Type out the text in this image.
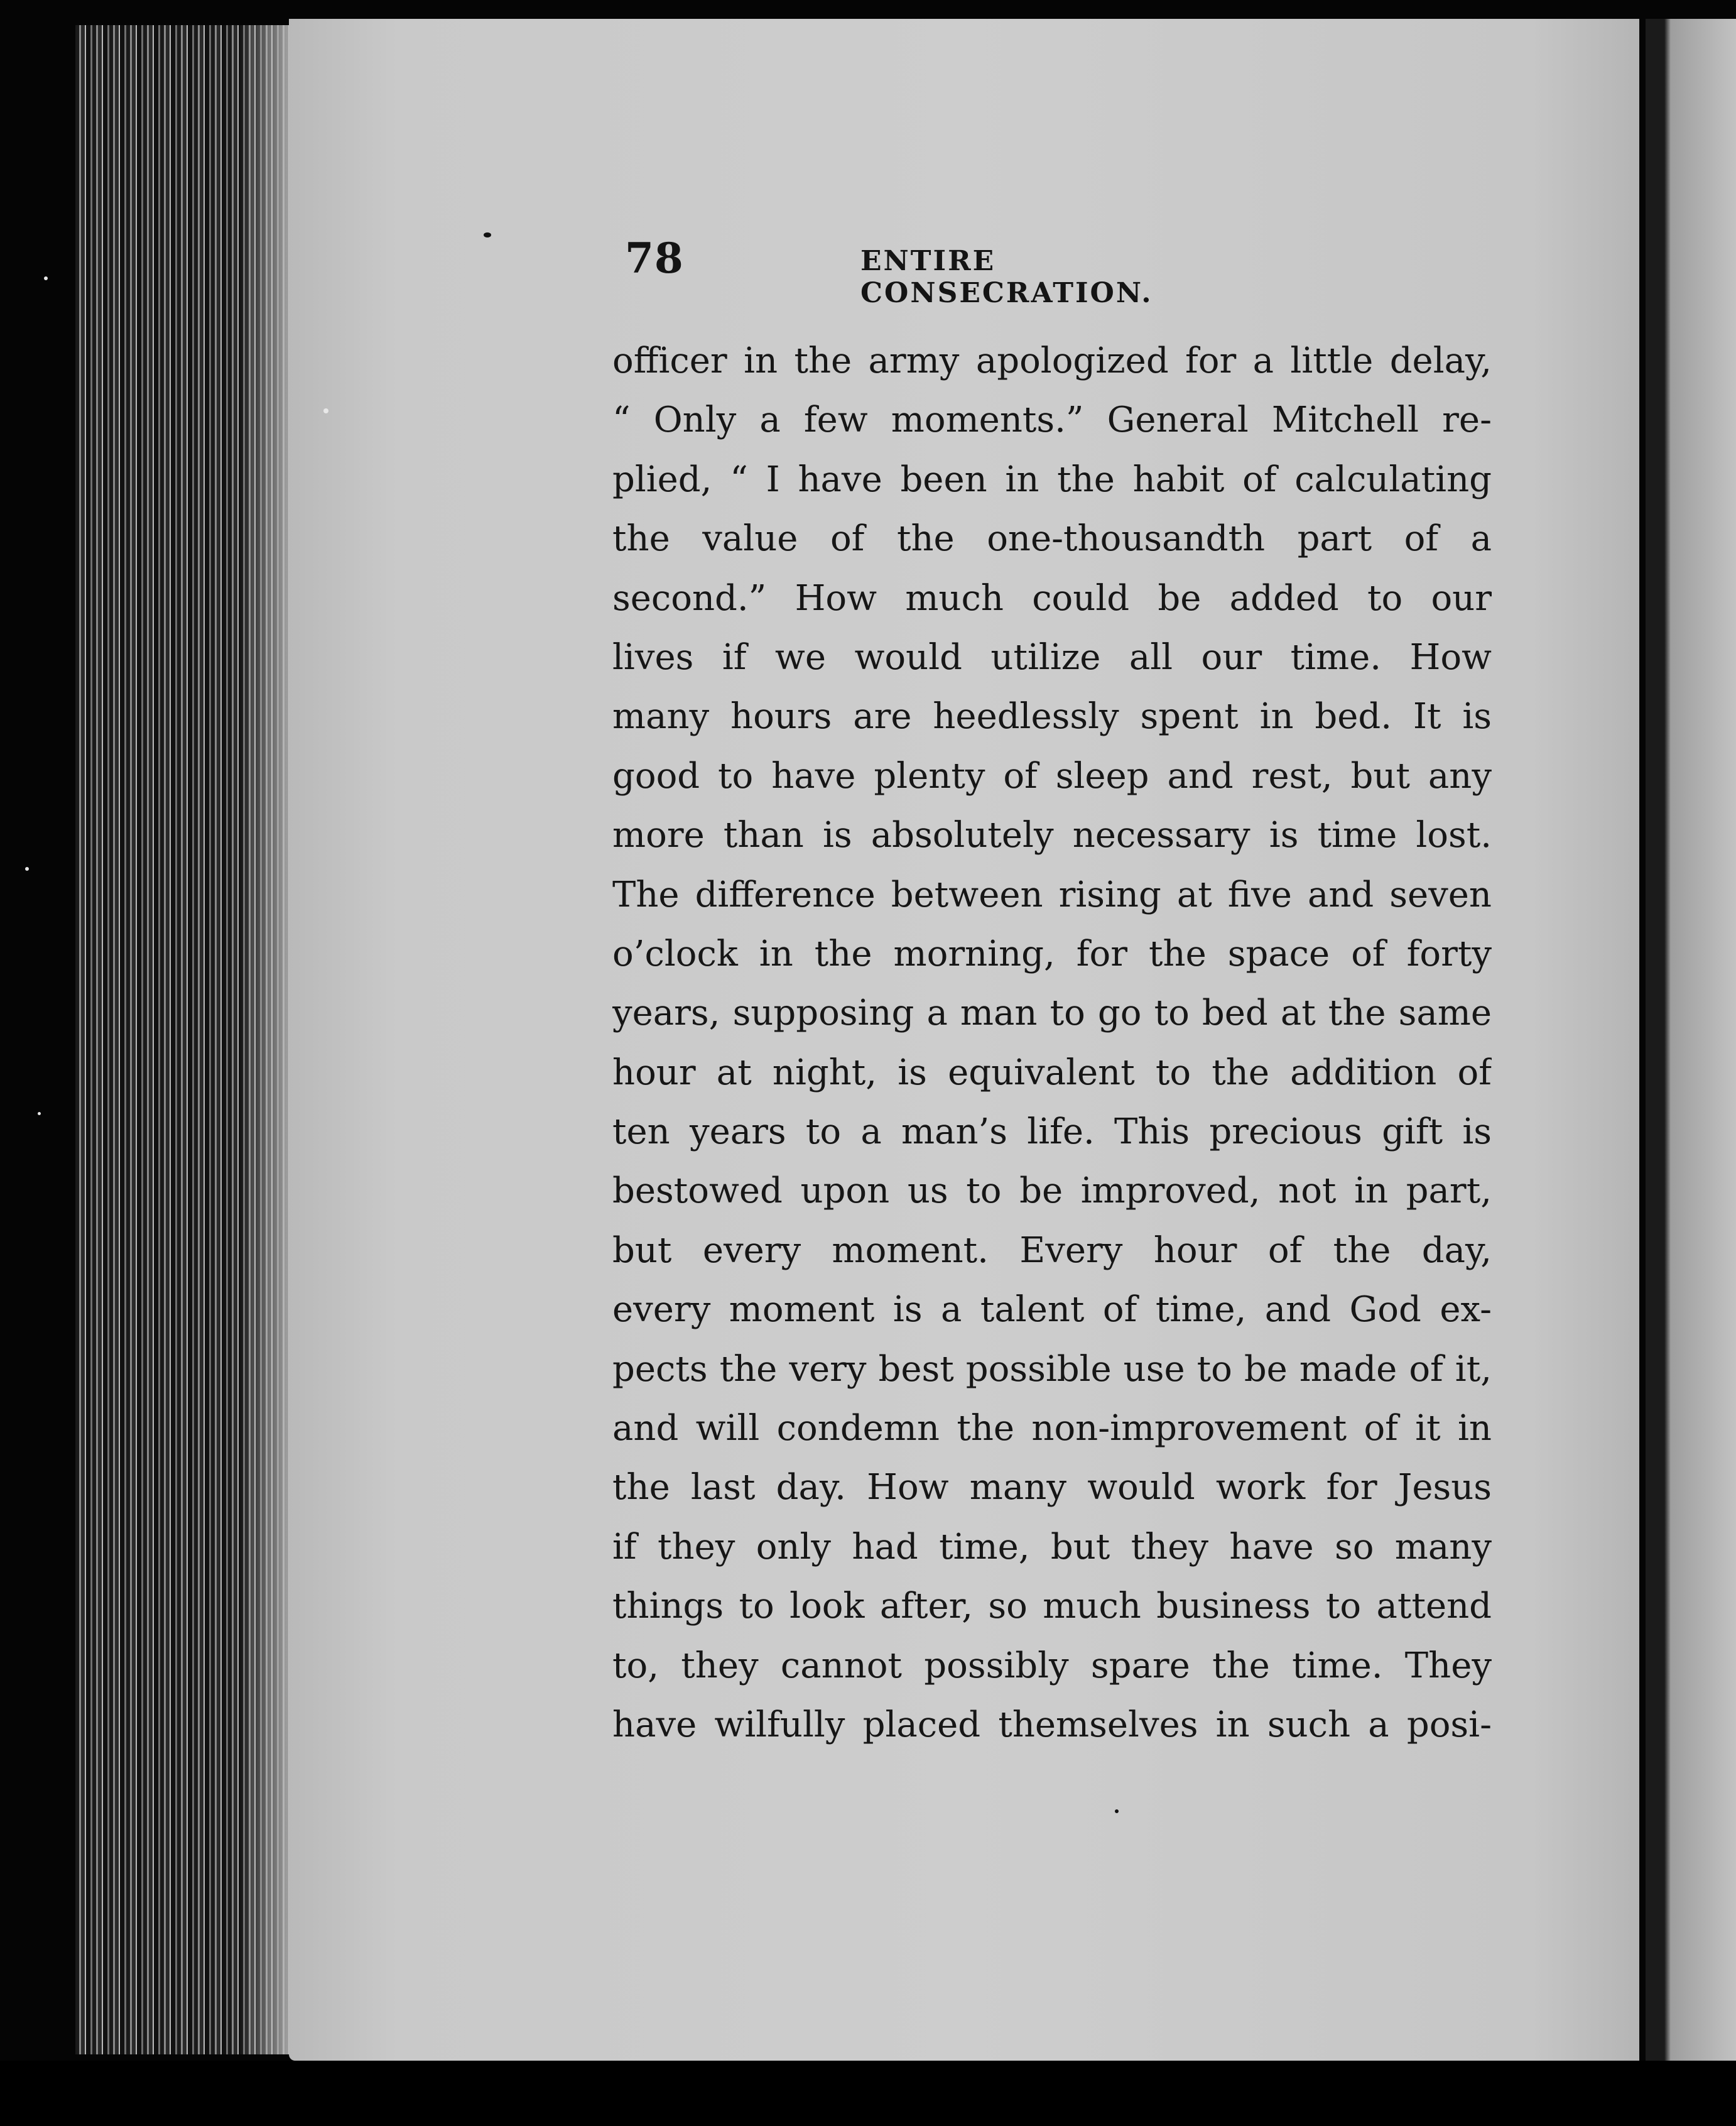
78	ENTIRE CONSECRATION.
officer in the army apologized for a little delay,
“ Only a few moments.” General Mitchell re-
plied, “ I have been in the habit of calculating
the value of the one-thousandth part of a
second.” How much could be added to our
lives if we would utilize all our time. How
many hours are heedlessly spent in bed. It is
good to have plenty of sleep and rest, but any
more than is absolutely necessary is time lost.
The difference between rising at five and seven
o’clock in the morning, for the space of forty
years, supposing a man to go to bed at the same
hour at night, is equivalent to the addition of
ten years to a man’s life. This precious gift is
bestowed upon us to be improved, not in part,
but every moment. Every hour of the day,
every moment is a talent of time, and God ex-
pects the very best possible use to be made of it,
and will condemn the non-improvement of it in
the last day. How many would work for Jesus
if they only had time, but they have so many
things to look after, so much business to attend
to, they cannot possibly spare the time. They
have wilfully placed themselves in such a posi-
